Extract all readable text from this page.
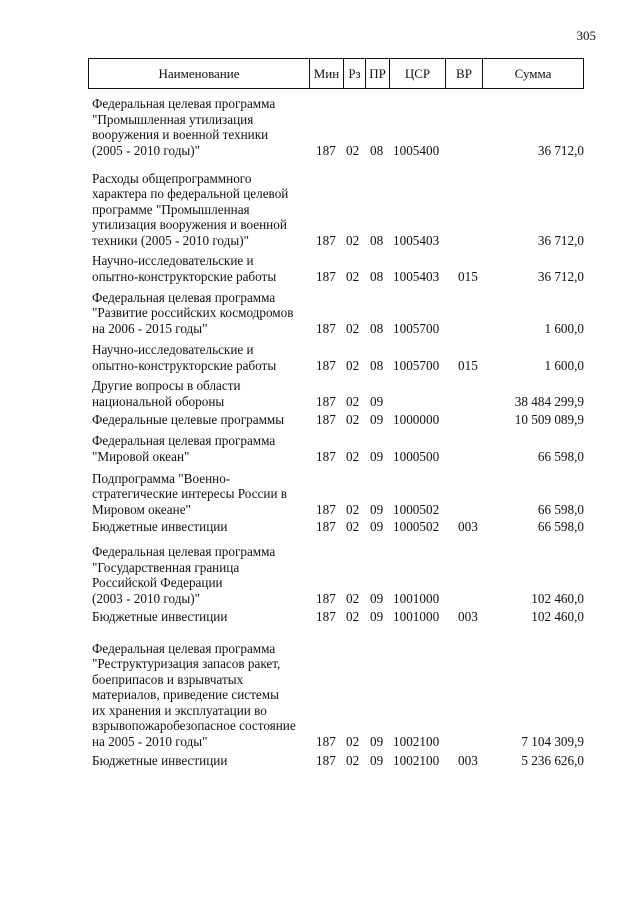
305
Наименование	Мин Рз ПР	ЦСР	ВР	Сумма
Федеральная целевая программа
"Промышленная утилизация
вооружения и военной техники
(2005 - 2010 годы)"	187 02 08 1005400	36 712,0
Расходы общепрограммного
характера по федеральной целевой
программе "Промышленная
утилизация вооружения и военной
техники (2005 - 2010 годы)"	187 02 08 1005403	36 712,0
Научно-исследовательские и
опытно-конструкторские работы	187 02 08 1005403 015	36 712,0
Федеральная целевая программа
"Развитие российских космодромов
на 2006 - 2015 годы"	187 02 08 1005700	1 600,0
Научно-исследовательские и
опытно-конструкторские работы	187 02 08 1005700 015	1 600,0
Другие вопросы в области
национальной обороны	187 02 09	38 484 299,9
Федеральные целевые программы	187 02 09 1000000	10 509 089,9
Федеральная целевая программа
"Мировой океан"	187 02 09 1000500	66 598,0
Подпрограмма "Военно-
стратегические интересы России в
Мировом океане"	187 02 09 1000502	66 598,0
Бюджетные инвестиции	187 02 09 1000502 003	66 598,0
Федеральная целевая программа
"Государственная граница
Российской Федерации
(2003 - 2010 годы)"	187 02 09 1001000	102 460,0
Бюджетные инвестиции	187 02 09 1001000 003	102 460,0
Федеральная целевая программа
"Реструктуризация запасов ракет,
боеприпасов и взрывчатых
материалов, приведение системы
их хранения и эксплуатации во
взрывопожаробезопасное состояние
на 2005 - 2010 годы"	187 02 09 1002100	7 104 309,9
Бюджетные инвестиции	187 02 09 1002100 003	5 236 626,0
